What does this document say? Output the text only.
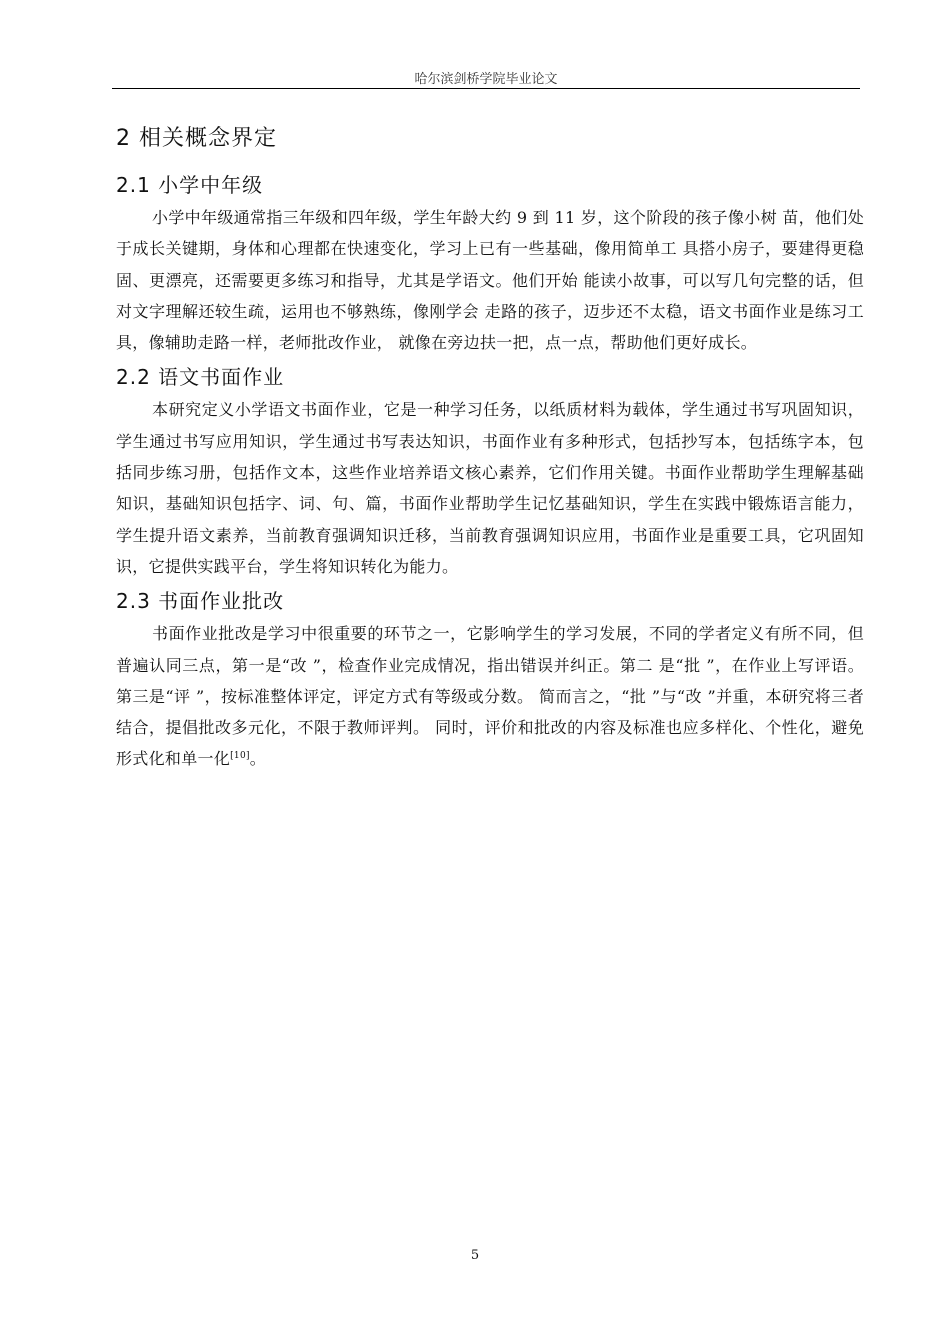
哈尔滨剑桥学院毕业论文
2 相关概念界定
2.1 小学中年级

小学中年级通常指三年级和四年级，学生年龄大约 9 到 11 岁，这个阶段的孩子像小树 苗，他们处于成长关键期，身体和心理都在快速变化，学习上已有一些基础，像用简单工 具搭小房子，要建得更稳固、更漂亮，还需要更多练习和指导，尤其是学语文。他们开始 能读小故事，可以写几句完整的话，但对文字理解还较生疏，运用也不够熟练，像刚学会 走路的孩子，迈步还不太稳，语文书面作业是练习工具，像辅助走路一样，老师批改作业， 就像在旁边扶一把，点一点，帮助他们更好成长。

2.2 语文书面作业

本研究定义小学语文书面作业，它是一种学习任务，以纸质材料为载体，学生通过书写巩固知识，学生通过书写应用知识，学生通过书写表达知识，书面作业有多种形式，包括抄写本，包括练字本，包括同步练习册，包括作文本，这些作业培养语文核心素养，它们作用关键。书面作业帮助学生理解基础知识，基础知识包括字、词、句、篇，书面作业帮助学生记忆基础知识，学生在实践中锻炼语言能力，学生提升语文素养，当前教育强调知识迁移，当前教育强调知识应用，书面作业是重要工具，它巩固知识，它提供实践平台，学生将知识转化为能力。

2.3 书面作业批改

书面作业批改是学习中很重要的环节之一，它影响学生的学习发展，不同的学者定义有所不同，但普遍认同三点，第一是“改 ”，检查作业完成情况，指出错误并纠正。第二 是“批 ”，在作业上写评语。第三是“评 ”，按标准整体评定，评定方式有等级或分数。 简而言之，“批 ”与“改 ”并重，本研究将三者结合，提倡批改多元化，不限于教师评判。 同时，评价和批改的内容及标准也应多样化、个性化，避免形式化和单一化[10]。

5
